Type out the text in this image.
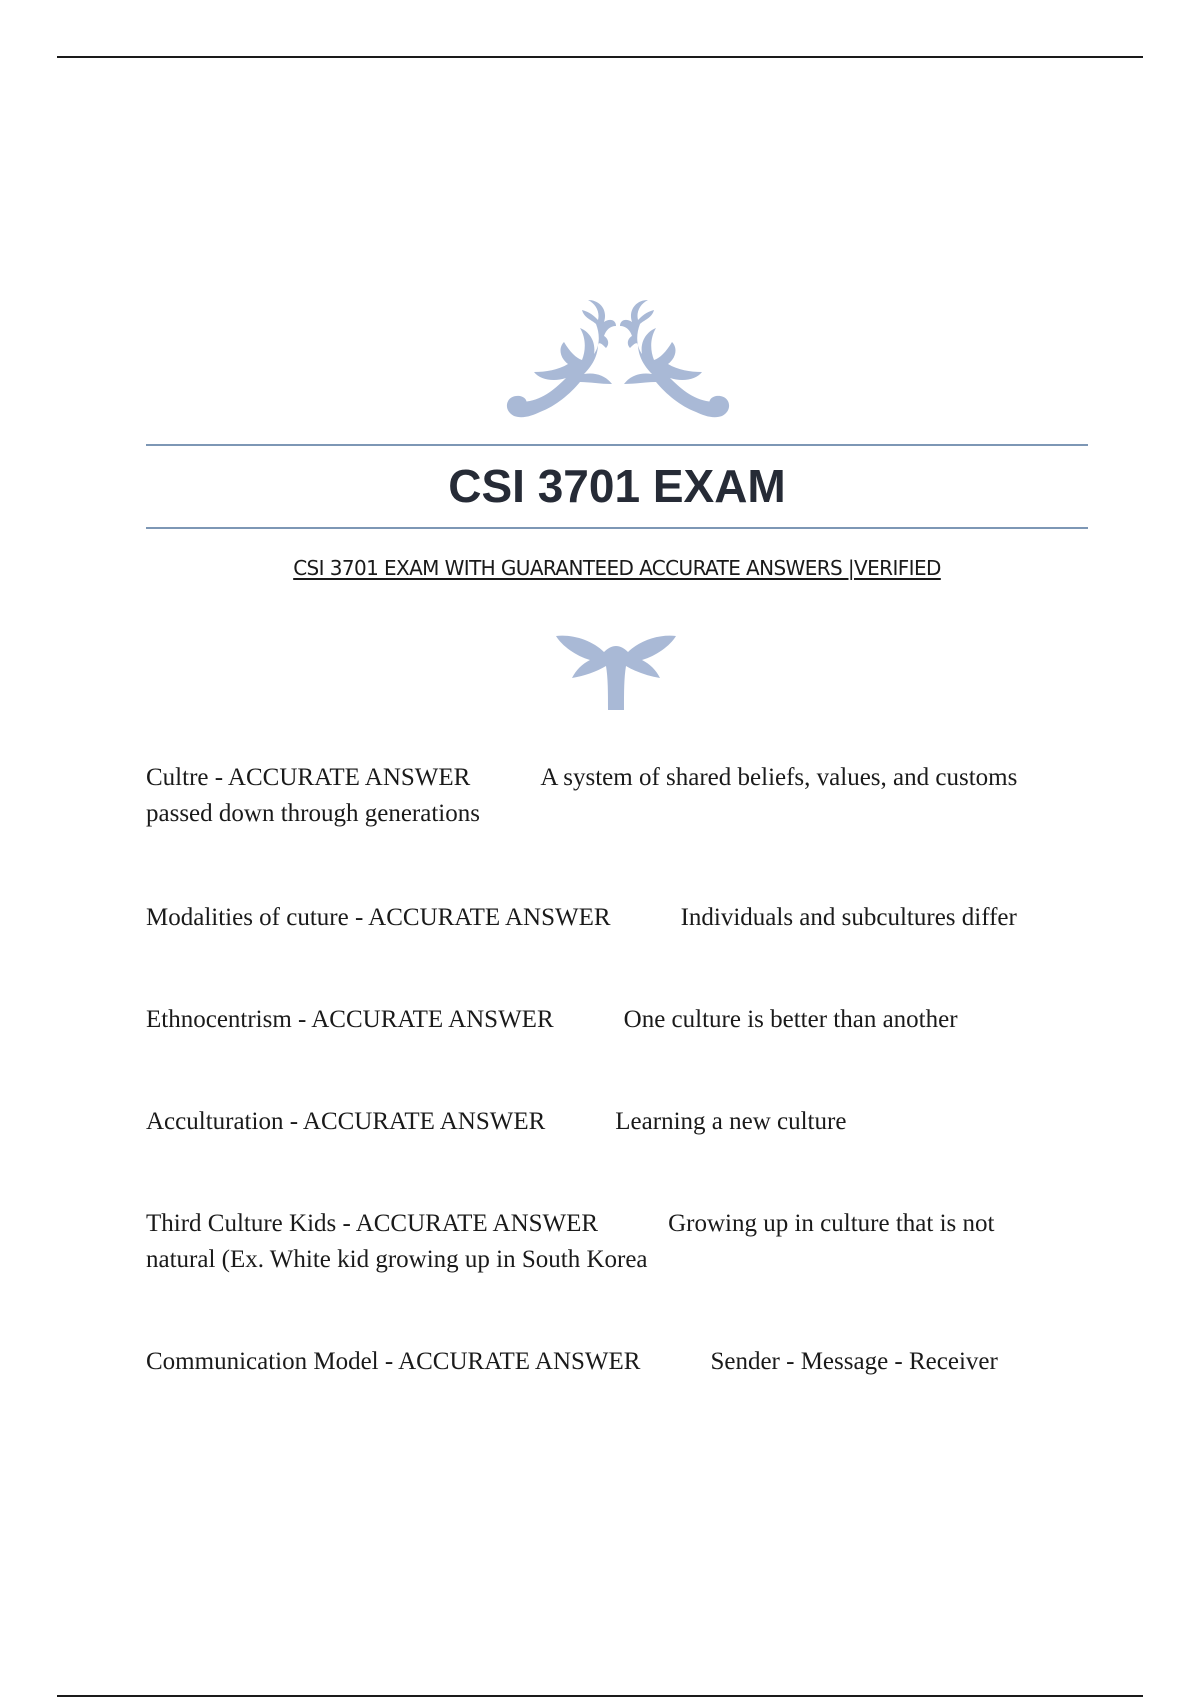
CSI 3701 EXAM
CSI 3701 EXAM WITH GUARANTEED ACCURATE ANSWERS |VERIFIED

Cultre - ACCURATE ANSWER	A system of shared beliefs, values, and customs passed down through generations

Modalities of cuture - ACCURATE ANSWER	Individuals and subcultures differ

Ethnocentrism - ACCURATE ANSWER	One culture is better than another

Acculturation - ACCURATE ANSWER	Learning a new culture

Third Culture Kids - ACCURATE ANSWER	Growing up in culture that is not natural (Ex. White kid growing up in South Korea

Communication Model - ACCURATE ANSWER	Sender - Message - Receiver
